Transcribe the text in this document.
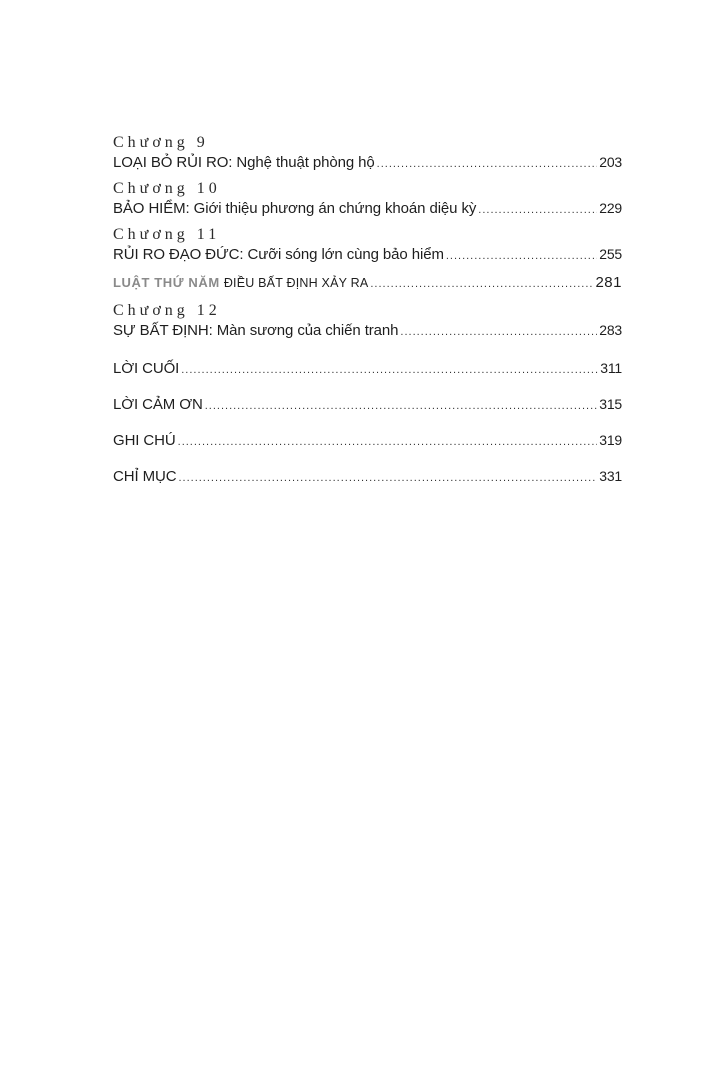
Chương 9
LOẠI BỎ RỦI RO: Nghệ thuật phòng hộ .....	203
Chương 10
BẢO HIỂM: Giới thiệu phương án chứng khoán diệu kỳ .....	229
Chương 11
RỦI RO ĐẠO ĐỨC: Cưỡi sóng lớn cùng bảo hiểm .....	255
LUẬT THỨ NĂM ĐIỀU BẤT ĐỊNH XẢY RA .....	281
Chương 12
SỰ BẤT ĐỊNH: Màn sương của chiến tranh .....	283
LỜI CUỐI .....	311
LỜI CẢM ƠN .....	315
GHI CHÚ .....	319
CHỈ MỤC .....	331
